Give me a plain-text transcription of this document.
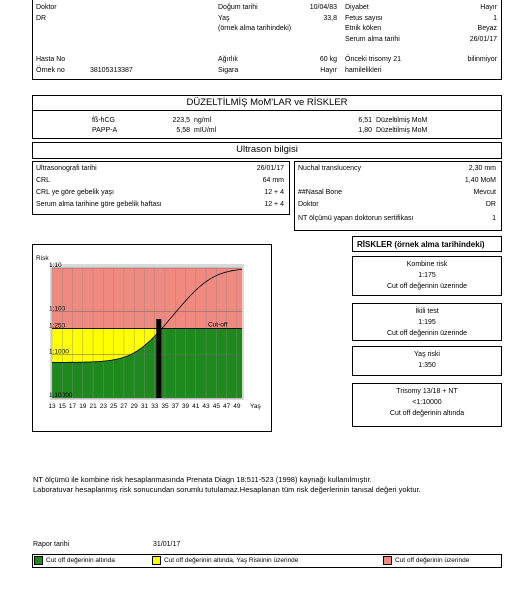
Doktor	Doğum tarihi	10/04/83 Diyabet	Hayır
DR	Yaş	33,8 Fetus sayısı	1
(örnek alma tarihindeki)	Etnik köken	Beyaz
Serum alma tarihi	26/01/17
Hasta No	Ağırlık	60 kg Önceki trisomy 21	bilinmiyor
Örnek no	38105313387	Sigara	Hayır hamilelikleri
DÜZELTİLMİŞ MoM'LAR ve RİSKLER
fß-hCG	223,5 ng/ml	6,51 Düzeltilmiş MoM
PAPP-A	5,58 mIU/ml	1,80 Düzeltilmiş MoM
Ultrason bilgisi
Ultrasonografi tarihi	26/01/17
CRL	64 mm
CRL ye göre gebelik yaşı	12 + 4
Serum alma tarihine göre gebelik haftası	12 + 4
Nuchal translucency	2,30 mm
1,40 MoM
##Nasal Bone	Mevcut
Doktor	DR
NT ölçümü yapan doktorun sertifikası	1
1:10
1:100
1:250
1:1000
1:10000
13 15 17 19 21 23 25 27 29 31 33 35 37 39 41 43 45 47 49
Cut-off
Risk
Yaş
RİSKLER (örnek alma tarihindeki)
Kombine risk
1:175
Cut off değerinin üzerinde
İkili test
1:195
Cut off değerinin üzerinde
Yaş riski
1:350
Trisomy 13/18 + NT
<1:10000
Cut off değerinin altında
NT ölçümü ile kombine risk hesaplanmasında Prenata Diagn 18:511-523 (1998) kaynağı kullanılmıştır.
Laboratuvar hesaplanmış risk sonucundan sorumlu tutulamaz.Hesaplanan tüm risk değerlerinin tanısal değeri yoktur.
Rapor tarihi	31/01/17
Cut off değerinin altında	Cut off değerinin altında, Yaş Riskinin üzerinde	Cut off değerinin üzerinde
